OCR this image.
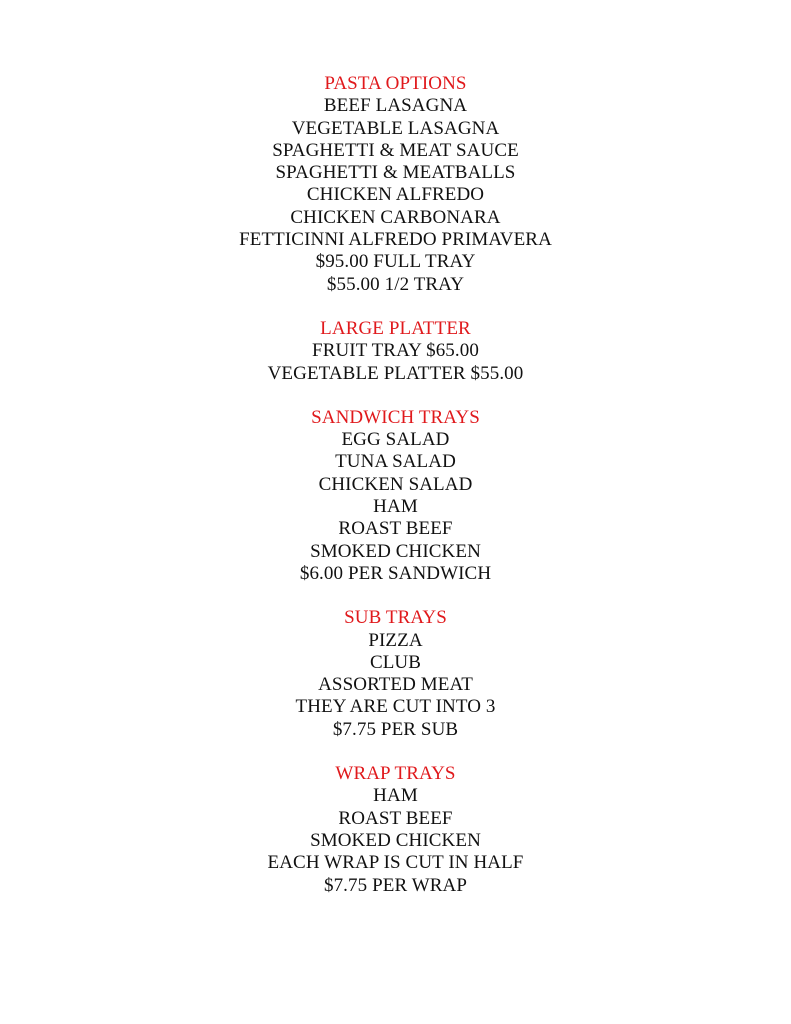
PASTA OPTIONS
BEEF LASAGNA
VEGETABLE LASAGNA
SPAGHETTI & MEAT SAUCE
SPAGHETTI & MEATBALLS
CHICKEN ALFREDO
CHICKEN CARBONARA
FETTICINNI ALFREDO PRIMAVERA
$95.00 FULL TRAY
$55.00 1/2 TRAY
LARGE PLATTER
FRUIT TRAY $65.00
VEGETABLE PLATTER $55.00
SANDWICH TRAYS
EGG SALAD
TUNA SALAD
CHICKEN SALAD
HAM
ROAST BEEF
SMOKED CHICKEN
$6.00 PER SANDWICH
SUB TRAYS
PIZZA
CLUB
ASSORTED MEAT
THEY ARE CUT INTO 3
$7.75 PER SUB
WRAP TRAYS
HAM
ROAST BEEF
SMOKED CHICKEN
EACH WRAP IS CUT IN HALF
$7.75 PER WRAP
